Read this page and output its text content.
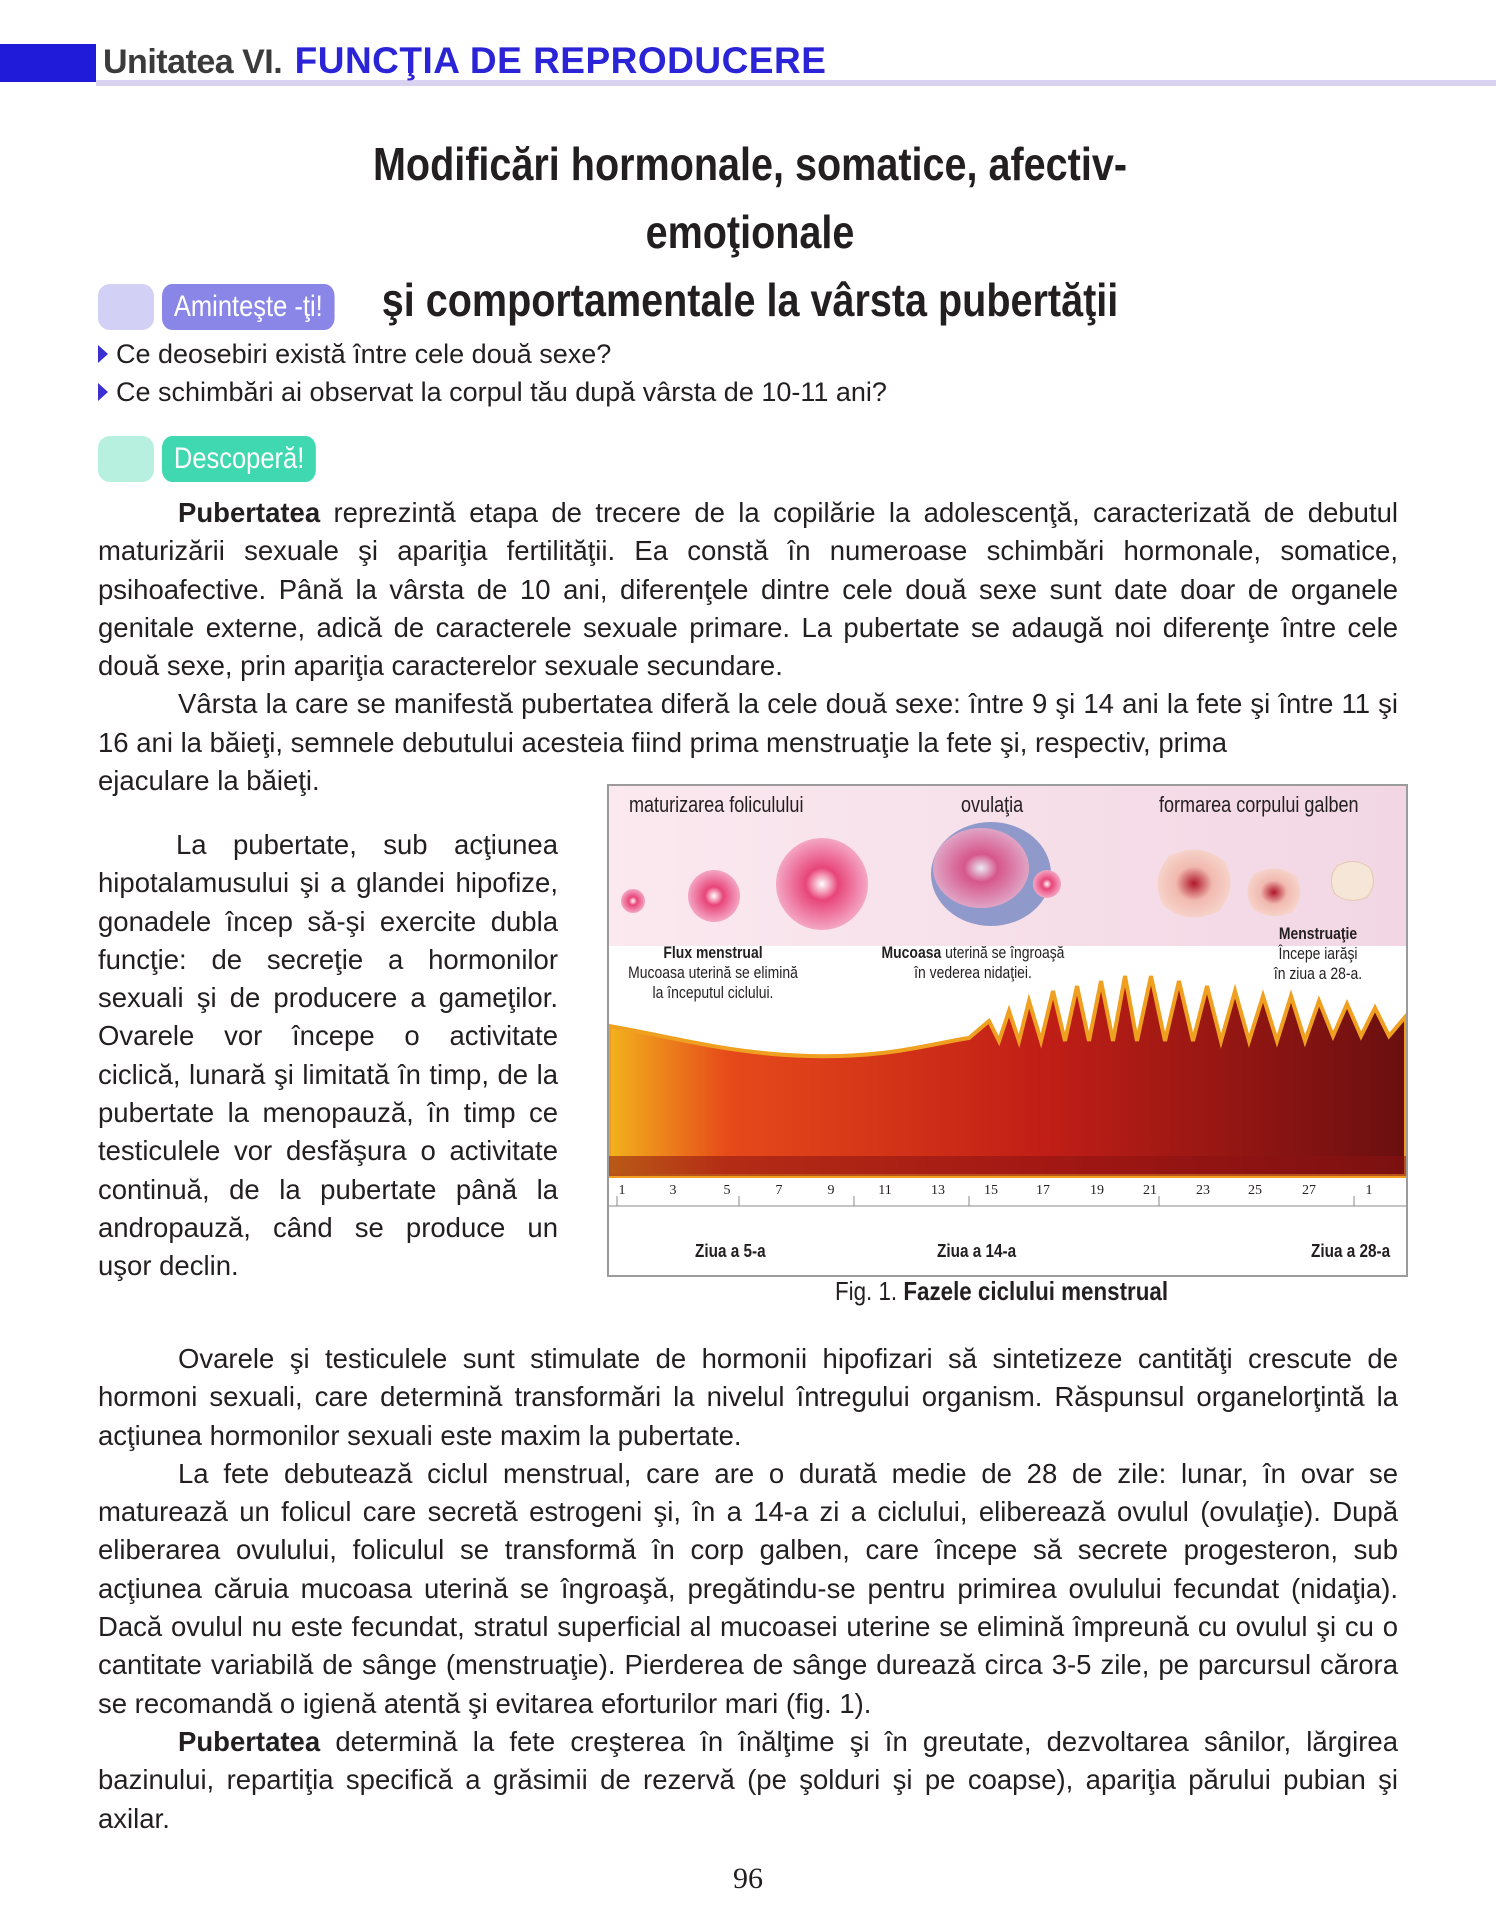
Unitatea VI. FUNCŢIA DE REPRODUCERE
Modificări hormonale, somatice, afectiv-emoţionale
şi comportamentale la vârsta pubertăţii
Aminteşte -ţi!
Ce deosebiri există între cele două sexe?
Ce schimbări ai observat la corpul tău după vârsta de 10-11 ani?
Descoperă!

Pubertatea reprezintă etapa de trecere de la copilărie la adolescenţă, caracterizată de debutul maturizării sexuale şi apariţia fertilităţii. Ea constă în numeroase schimbări hormonale, somatice, psihoafective. Până la vârsta de 10 ani, diferenţele dintre cele două sexe sunt date doar de organele genitale externe, adică de caracterele sexuale primare. La pubertate se adaugă noi diferenţe între cele două sexe, prin apariţia caracterelor sexuale secundare.

Vârsta la care se manifestă pubertatea diferă la cele două sexe: între 9 şi 14 ani la fete şi între 11 şi 16 ani la băieţi, semnele debutului acesteia fiind prima menstruaţie la fete şi, respectiv, prima

ejaculare la băieţi.

La pubertate, sub acţiunea hipotalamusului şi a glandei hipofize, gonadele încep să-şi exercite dubla funcţie: de secreţie a hormonilor sexuali şi de producere a gameţilor. Ovarele vor începe o activitate ciclică, lunară şi limitată în timp, de la pubertate la menopauză, în timp ce testiculele vor desfăşura o activitate continuă, de la pubertate până la andropauză, când se produce un uşor declin.

maturizarea foliculului	ovulaţia	formarea corpului galben
Flux menstrual
Mucoasa uterină se elimină
la începutul ciclului.
Mucoasa uterină se îngroaşă
în vederea nidaţiei.
Menstruaţie
Începe iarăşi
în ziua a 28-a.
1	3	5	7	9	11	13	15	17	19	21	23	25	27	1
Ziua a 5-a	Ziua a 14-a	Ziua a 28-a
Fig. 1. Fazele ciclului menstrual

Ovarele şi testiculele sunt stimulate de hormonii hipofizari să sintetizeze cantităţi crescute de hormoni sexuali, care determină transformări la nivelul întregului organism. Răspunsul organelorţintă la acţiunea hormonilor sexuali este maxim la pubertate.

La fete debutează ciclul menstrual, care are o durată medie de 28 de zile: lunar, în ovar se maturează un folicul care secretă estrogeni şi, în a 14-a zi a ciclului, eliberează ovulul (ovulaţie). După eliberarea ovulului, foliculul se transformă în corp galben, care începe să secrete progesteron, sub acţiunea căruia mucoasa uterină se îngroaşă, pregătindu-se pentru primirea ovulului fecundat (nidaţia). Dacă ovulul nu este fecundat, stratul superficial al mucoasei uterine se elimină împreună cu ovulul şi cu o cantitate variabilă de sânge (menstruaţie). Pierderea de sânge durează circa 3-5 zile, pe parcursul cărora se recomandă o igienă atentă şi evitarea eforturilor mari (fig. 1).

Pubertatea determină la fete creşterea în înălţime şi în greutate, dezvoltarea sânilor, lărgirea bazinului, repartiţia specifică a grăsimii de rezervă (pe şolduri şi pe coapse), apariţia părului pubian şi axilar.

96
